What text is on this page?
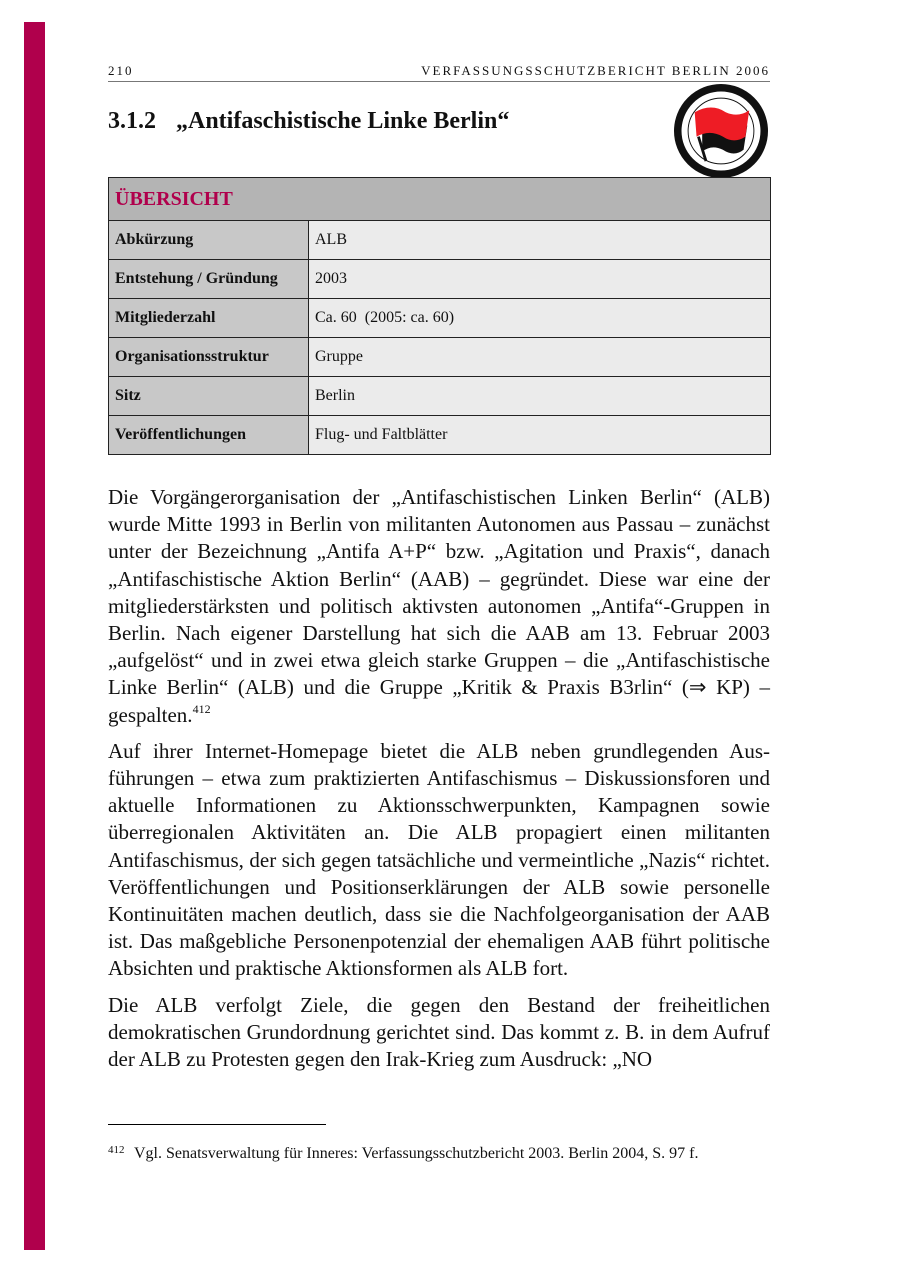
210	VERFASSUNGSSCHUTZBERICHT BERLIN 2006
3.1.2 „Antifaschistische Linke Berlin“
ÜBERSICHT	
Abkürzung	ALB
Entstehung / Gründung	2003
Mitgliederzahl	Ca. 60  (2005: ca. 60)
Organisationsstruktur	Gruppe
Sitz	Berlin
Veröffentlichungen	Flug- und Faltblätter

Die Vorgängerorganisation der „Antifaschistischen Linken Berlin“ (ALB) wurde Mitte 1993 in Berlin von militanten Autonomen aus Passau – zunächst unter der Bezeichnung „Antifa A+P“ bzw. „Agitation und Praxis“, danach „Antifaschistische Aktion Berlin“ (AAB) – gegründet. Diese war eine der mitgliederstärksten und politisch aktivsten autonomen „Antifa“-Gruppen in Berlin. Nach eigener Darstellung hat sich die AAB am 13. Februar 2003 „aufgelöst“ und in zwei etwa gleich starke Gruppen – die „Antifaschistische Linke Berlin“ (ALB) und die Gruppe „Kritik & Praxis B3rlin“ (⇒ KP) – gespalten.$^{412}$

Auf ihrer Internet-Homepage bietet die ALB neben grundlegenden Ausführungen – etwa zum praktizierten Antifaschismus – Diskussionsforen und aktuelle Informationen zu Aktionsschwerpunkten, Kampagnen sowie überregionalen Aktivitäten an. Die ALB propagiert einen militanten Antifaschismus, der sich gegen tatsächliche und vermeintliche „Nazis“ richtet. Veröffentlichungen und Positionserklärungen der ALB sowie personelle Kontinuitäten machen deutlich, dass sie die Nachfolgeorganisation der AAB ist. Das maßgebliche Personenpotenzial der ehemaligen AAB führt politische Absichten und praktische Aktionsformen als ALB fort.

Die ALB verfolgt Ziele, die gegen den Bestand der freiheitlichen demokratischen Grundordnung gerichtet sind. Das kommt z. B. in dem Aufruf der ALB zu Protesten gegen den Irak-Krieg zum Ausdruck: „NO

412 Vgl. Senatsverwaltung für Inneres: Verfassungsschutzbericht 2003. Berlin 2004, S. 97 f.
